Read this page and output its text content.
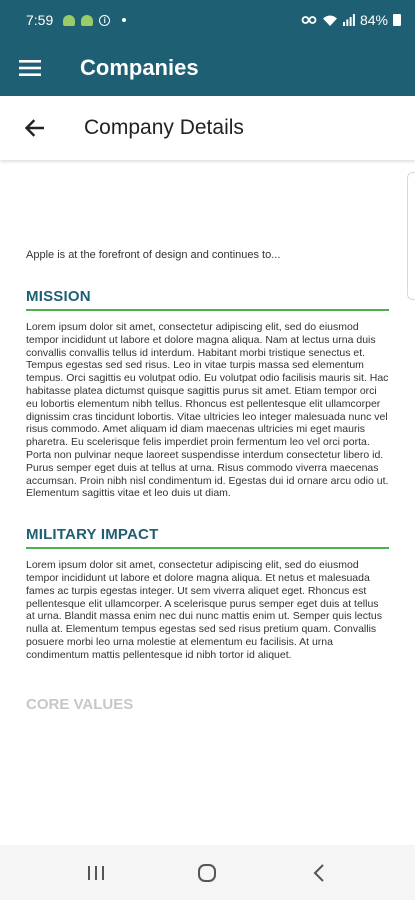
7:59	i	84%
Companies
Company Details

Apple is at the forefront of design and continues to...

MISSION

Lorem ipsum dolor sit amet, consectetur adipiscing elit, sed do eiusmod tempor incididunt ut labore et dolore magna aliqua. Nam at lectus urna duis convallis convallis tellus id interdum. Habitant morbi tristique senectus et. Tempus egestas sed sed risus. Leo in vitae turpis massa sed elementum tempus. Orci sagittis eu volutpat odio. Eu volutpat odio facilisis mauris sit. Hac habitasse platea dictumst quisque sagittis purus sit amet. Etiam tempor orci eu lobortis elementum nibh tellus. Rhoncus est pellentesque elit ullamcorper dignissim cras tincidunt lobortis. Vitae ultricies leo integer malesuada nunc vel risus commodo. Amet aliquam id diam maecenas ultricies mi eget mauris pharetra. Eu scelerisque felis imperdiet proin fermentum leo vel orci porta. Porta non pulvinar neque laoreet suspendisse interdum consectetur libero id. Purus semper eget duis at tellus at urna. Risus commodo viverra maecenas accumsan. Proin nibh nisl condimentum id. Egestas dui id ornare arcu odio ut. Elementum sagittis vitae et leo duis ut diam.

MILITARY IMPACT

Lorem ipsum dolor sit amet, consectetur adipiscing elit, sed do eiusmod tempor incididunt ut labore et dolore magna aliqua. Et netus et malesuada fames ac turpis egestas integer. Ut sem viverra aliquet eget. Rhoncus est pellentesque elit ullamcorper. A scelerisque purus semper eget duis at tellus at urna. Blandit massa enim nec dui nunc mattis enim ut. Semper quis lectus nulla at. Elementum tempus egestas sed sed risus pretium quam. Convallis posuere morbi leo urna molestie at elementum eu facilisis. At urna condimentum mattis pellentesque id nibh tortor id aliquet.

CORE VALUES
